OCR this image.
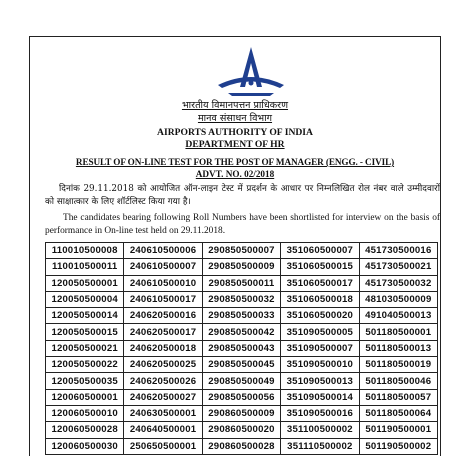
भारतीय विमानपत्तन प्राधिकरण
मानव संसाधन विभाग
AIRPORTS AUTHORITY OF INDIA
DEPARTMENT OF HR
RESULT OF ON-LINE TEST FOR THE POST OF MANAGER (ENGG. - CIVIL)
ADVT. NO. 02/2018
दिनांक 29.11.2018 को आयोजित ऑन-लाइन टेस्ट में प्रदर्शन के आधार पर निम्नलिखित रोल नंबर वाले उम्मीदवारों को साक्षात्कार के लिए शॉर्टलिस्ट किया गया है।
The candidates bearing following Roll Numbers have been shortlisted for interview on the basis of performance in On-line test held on 29.11.2018.
110010500008	240610500006	290850500007	351060500007	451730500016
110010500011	240610500007	290850500009	351060500015	451730500021
120050500001	240610500010	290850500011	351060500017	451730500032
120050500004	240610500017	290850500032	351060500018	481030500009
120050500014	240620500016	290850500033	351060500020	491040500013
120050500015	240620500017	290850500042	351090500005	501180500001
120050500021	240620500018	290850500043	351090500007	501180500013
120050500022	240620500025	290850500045	351090500010	501180500019
120050500035	240620500026	290850500049	351090500013	501180500046
120060500001	240620500027	290850500056	351090500014	501180500057
120060500010	240630500001	290860500009	351090500016	501180500064
120060500028	240640500001	290860500020	351100500002	501190500001
120060500030	250650500001	290860500028	351110500002	501190500002
